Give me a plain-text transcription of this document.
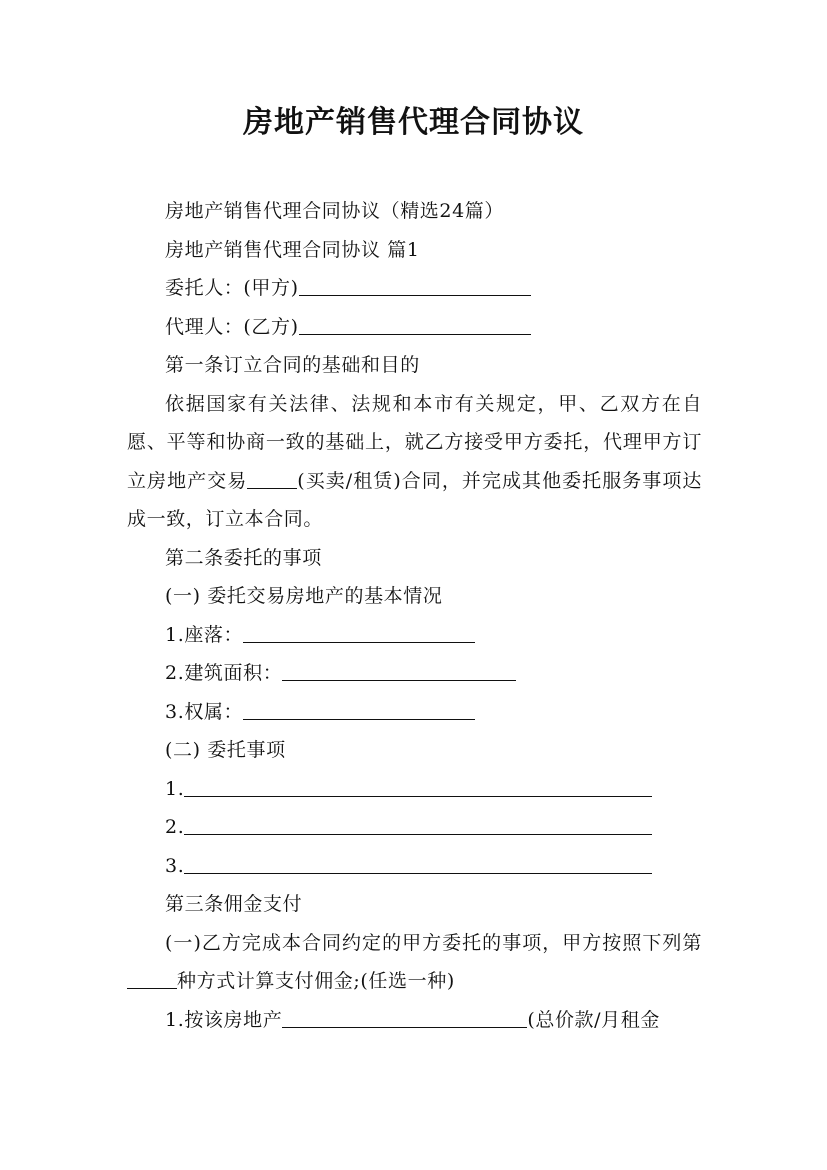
房地产销售代理合同协议

房地产销售代理合同协议（精选24篇）

房地产销售代理合同协议 篇1

委托人：(甲方)

代理人：(乙方)

第一条订立合同的基础和目的

依据国家有关法律、法规和本市有关规定，甲、乙双方在自愿、平等和协商一致的基础上，就乙方接受甲方委托，代理甲方订立房地产交易	(买卖/租赁)合同，并完成其他委托服务事项达成一致，订立本合同。

第二条委托的事项

(一) 委托交易房地产的基本情况

1.座落：

2.建筑面积：

3.权属：

(二) 委托事项

1.

2.

3.

第三条佣金支付

(一)乙方完成本合同约定的甲方委托的事项，甲方按照下列第种方式计算支付佣金;(任选一种)

1.按该房地产	(总价款/月租金
